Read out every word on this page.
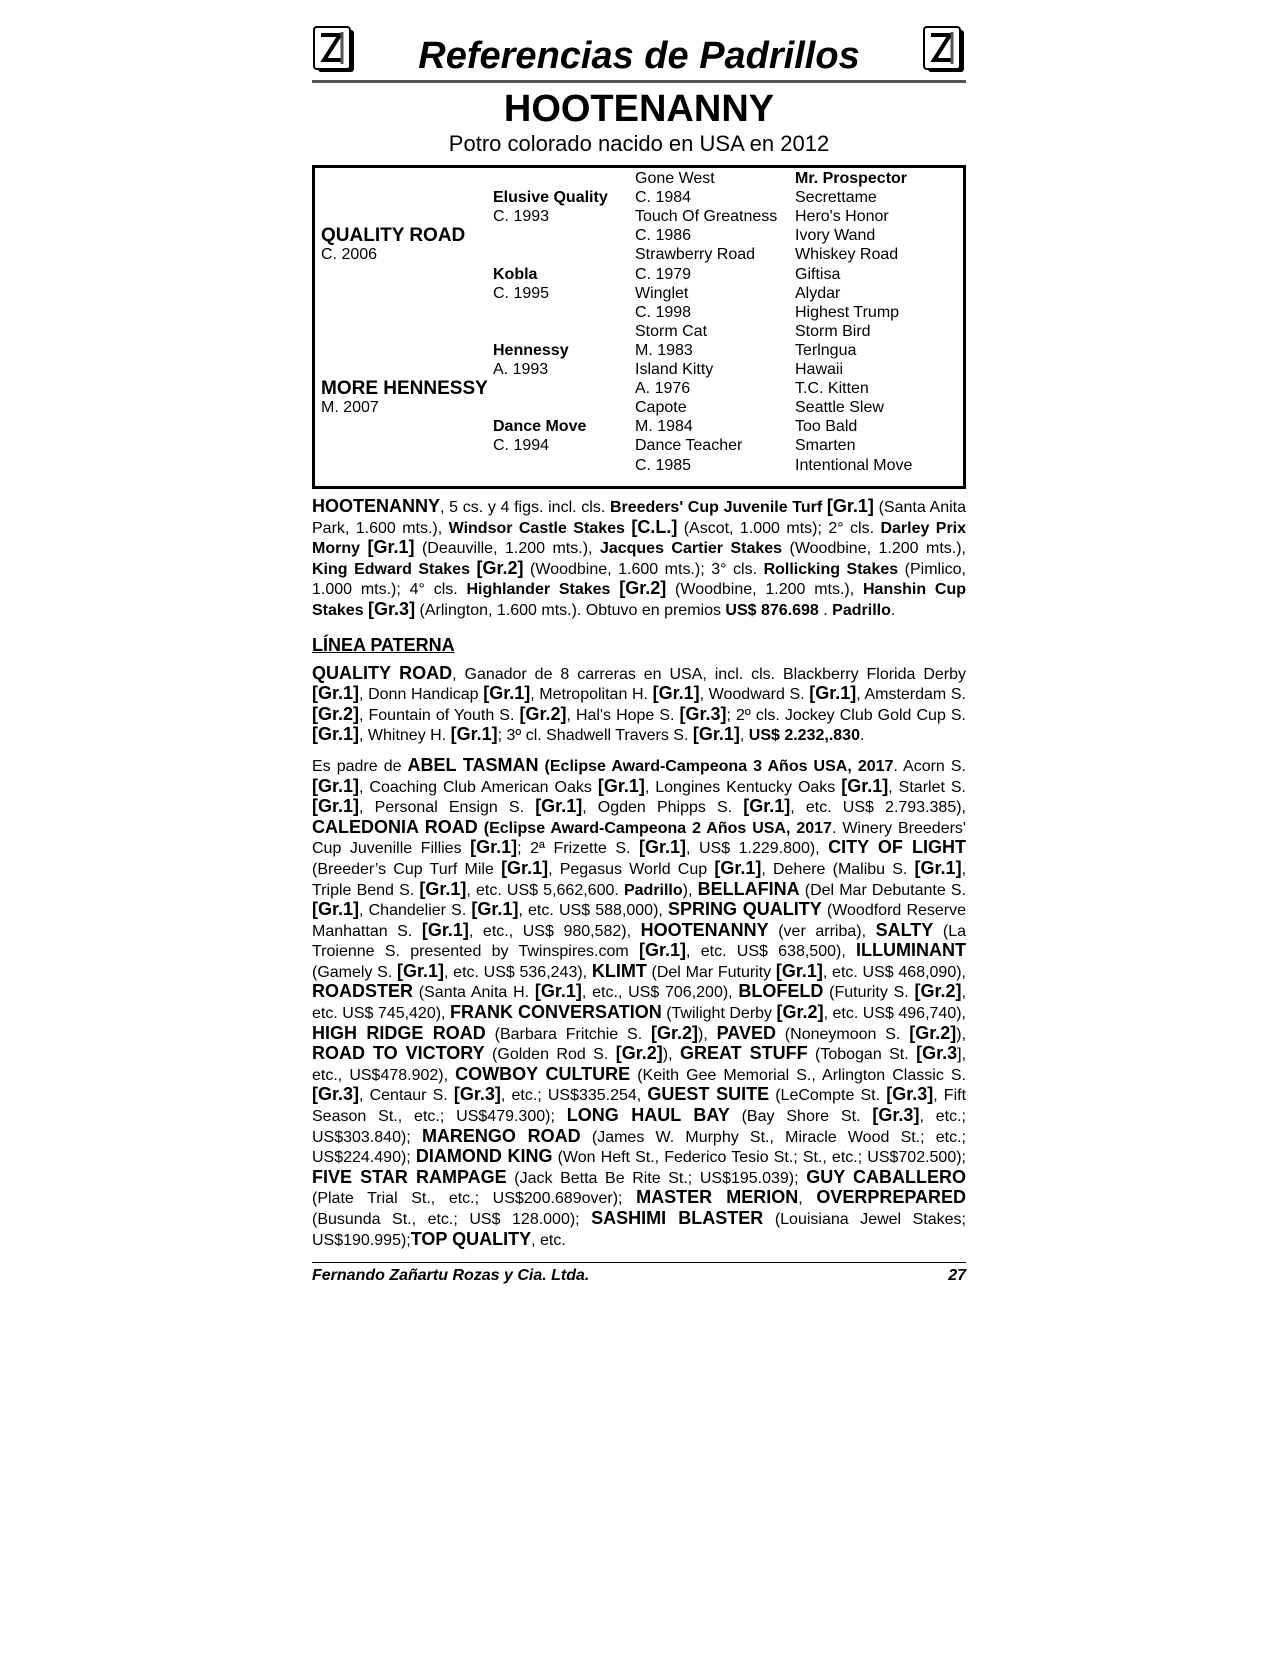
Referencias de Padrillos
HOOTENANNY
Potro colorado nacido en USA en 2012
QUALITY ROAD
C. 2006
MORE HENNESSY
M. 2007
Elusive Quality
C. 1993
Kobla
C. 1995
Hennessy
A. 1993
Dance Move
C. 1994
Gone West
C. 1984
Touch Of Greatness
C. 1986
Strawberry Road
C. 1979
Winglet
C. 1998
Storm Cat
M. 1983
Island Kitty
A. 1976
Capote
M. 1984
Dance Teacher
C. 1985
Mr. Prospector
Secrettame
Hero's Honor
Ivory Wand
Whiskey Road
Giftisa
Alydar
Highest Trump
Storm Bird
Terlngua
Hawaii
T.C. Kitten
Seattle Slew
Too Bald
Smarten
Intentional Move

HOOTENANNY, 5 cs. y 4 figs. incl. cls. Breeders' Cup Juvenile Turf [Gr.1] (Santa Anita Park, 1.600 mts.), Windsor Castle Stakes [C.L.] (Ascot, 1.000 mts); 2° cls. Darley Prix Morny [Gr.1] (Deauville, 1.200 mts.), Jacques Cartier Stakes (Woodbine, 1.200 mts.), King Edward Stakes [Gr.2] (Woodbine, 1.600 mts.); 3° cls. Rollicking Stakes (Pimlico, 1.000 mts.); 4° cls. Highlander Stakes [Gr.2] (Woodbine, 1.200 mts.), Hanshin Cup Stakes [Gr.3] (Arlington, 1.600 mts.). Obtuvo en premios US$ 876.698 . Padrillo.

LÍNEA PATERNA

QUALITY ROAD, Ganador de 8 carreras en USA, incl. cls. Blackberry Florida Derby [Gr.1], Donn Handicap [Gr.1], Metropolitan H. [Gr.1], Woodward S. [Gr.1], Amsterdam S. [Gr.2], Fountain of Youth S. [Gr.2], Hal's Hope S. [Gr.3]; 2º cls. Jockey Club Gold Cup S. [Gr.1], Whitney H. [Gr.1]; 3º cl. Shadwell Travers S. [Gr.1], US$ 2.232,.830.

Es padre de ABEL TASMAN (Eclipse Award-Campeona 3 Años USA, 2017. Acorn S. [Gr.1], Coaching Club American Oaks [Gr.1], Longines Kentucky Oaks [Gr.1], Starlet S. [Gr.1], Personal Ensign S. [Gr.1], Ogden Phipps S. [Gr.1], etc. US$ 2.793.385), CALEDONIA ROAD (Eclipse Award-Campeona 2 Años USA, 2017. Winery Breeders' Cup Juvenille Fillies [Gr.1]; 2ª Frizette S. [Gr.1], US$ 1.229.800), CITY OF LIGHT (Breeder’s Cup Turf Mile [Gr.1], Pegasus World Cup [Gr.1], Dehere (Malibu S. [Gr.1], Triple Bend S. [Gr.1], etc. US$ 5,662,600. Padrillo), BELLAFINA (Del Mar Debutante S. [Gr.1], Chandelier S. [Gr.1], etc. US$ 588,000), SPRING QUALITY (Woodford Reserve Manhattan S. [Gr.1], etc., US$ 980,582), HOOTENANNY (ver arriba), SALTY (La Troienne S. presented by Twinspires.com [Gr.1], etc. US$ 638,500), ILLUMINANT (Gamely S. [Gr.1], etc. US$ 536,243), KLIMT (Del Mar Futurity [Gr.1], etc. US$ 468,090), ROADSTER (Santa Anita H. [Gr.1], etc., US$ 706,200), BLOFELD (Futurity S. [Gr.2], etc. US$ 745,420), FRANK CONVERSATION (Twilight Derby [Gr.2], etc. US$ 496,740), HIGH RIDGE ROAD (Barbara Fritchie S. [Gr.2]), PAVED (Noneymoon S. [Gr.2]), ROAD TO VICTORY (Golden Rod S. [Gr.2]), GREAT STUFF (Tobogan St. [Gr.3], etc., US$478.902), COWBOY CULTURE (Keith Gee Memorial S., Arlington Classic S. [Gr.3], Centaur S. [Gr.3], etc.; US$335.254, GUEST SUITE (LeCompte St. [Gr.3], Fift Season St., etc.; US$479.300); LONG HAUL BAY (Bay Shore St. [Gr.3], etc.; US$303.840); MARENGO ROAD (James W. Murphy St., Miracle Wood St.; etc.; US$224.490); DIAMOND KING (Won Heft St., Federico Tesio St.; St., etc.; US$702.500); FIVE STAR RAMPAGE (Jack Betta Be Rite St.; US$195.039); GUY CABALLERO (Plate Trial St., etc.; US$200.689over); MASTER MERION, OVERPREPARED (Busunda St., etc.; US$ 128.000); SASHIMI BLASTER (Louisiana Jewel Stakes; US$190.995);TOP QUALITY, etc.

Fernando Zañartu Rozas y Cia. Ltda.	27
